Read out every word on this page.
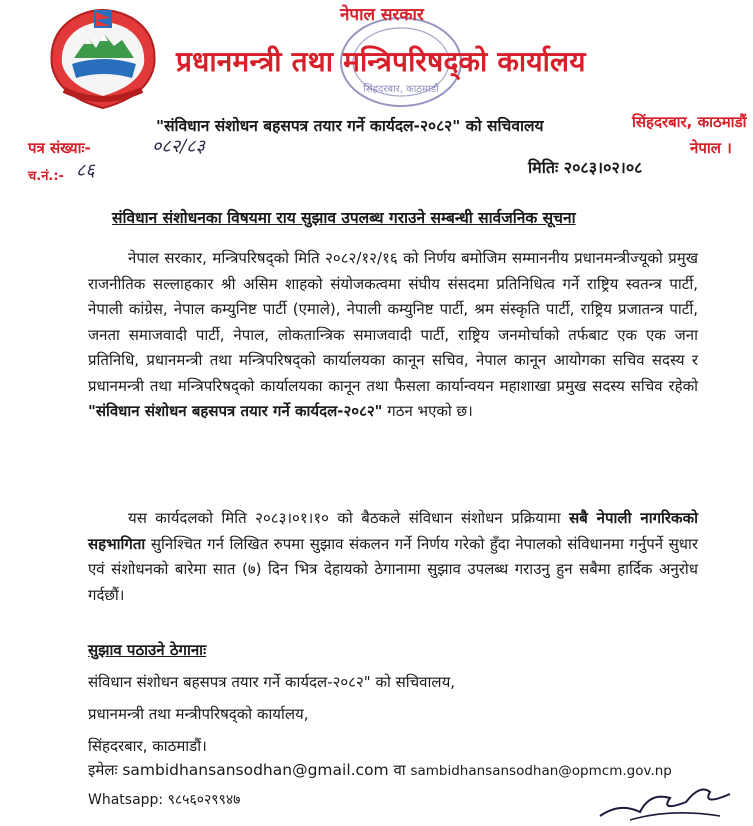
सिंहदरबार, काठमाडौं
नेपाल सरकार
प्रधानमन्त्री तथा मन्त्रिपरिषद्को कार्यालय
"संविधान संशोधन बहसपत्र तयार गर्ने कार्यदल-२०८२" को सचिवालय	सिंहदरबार, काठमाडौं
नेपाल ।
पत्र संख्याः-	०८२/८३
च.नं.:- ८६	मितिः २०८३।०२।०८
संविधान संशोधनका विषयमा राय सुझाव उपलब्ध गराउने सम्बन्धी सार्वजनिक सूचना
नेपाल सरकार, मन्त्रिपरिषद्को मिति २०८२/१२/१६ को निर्णय बमोजिम सम्माननीय प्रधानमन्त्रीज्यूको प्रमुख राजनीतिक सल्लाहकार श्री असिम शाहको संयोजकत्वमा संघीय संसदमा प्रतिनिधित्व गर्ने राष्ट्रिय स्वतन्त्र पार्टी, नेपाली कांग्रेस, नेपाल कम्युनिष्ट पार्टी (एमाले), नेपाली कम्युनिष्ट पार्टी, श्रम संस्कृति पार्टी, राष्ट्रिय प्रजातन्त्र पार्टी, जनता समाजवादी पार्टी, नेपाल, लोकतान्त्रिक समाजवादी पार्टी, राष्ट्रिय जनमोर्चाको तर्फबाट एक एक जना प्रतिनिधि, प्रधानमन्त्री तथा मन्त्रिपरिषद्को कार्यालयका कानून सचिव, नेपाल कानून आयोगका सचिव सदस्य र प्रधानमन्त्री तथा मन्त्रिपरिषद्को कार्यालयका कानून तथा फैसला कार्यान्वयन महाशाखा प्रमुख सदस्य सचिव रहेको "संविधान संशोधन बहसपत्र तयार गर्ने कार्यदल-२०८२" गठन भएको छ।
यस कार्यदलको मिति २०८३।०१।१० को बैठकले संविधान संशोधन प्रक्रियामा सबै नेपाली नागरिकको सहभागिता सुनिश्चित गर्न लिखित रुपमा सुझाव संकलन गर्ने निर्णय गरेको हुँदा नेपालको संविधानमा गर्नुपर्ने सुधार एवं संशोधनको बारेमा सात (७) दिन भित्र देहायको ठेगानामा सुझाव उपलब्ध गराउनु हुन सबैमा हार्दिक अनुरोध गर्दछौं।
सुझाव पठाउने ठेगानाः
संविधान संशोधन बहसपत्र तयार गर्ने कार्यदल-२०८२" को सचिवालय,
प्रधानमन्त्री तथा मन्त्रीपरिषद्को कार्यालय,
सिंहदरबार, काठमाडौं।
इमेलः sambidhansansodhan@gmail.com वा sambidhansansodhan@opmcm.gov.np
Whatsapp: ९८५६०२९९४७
